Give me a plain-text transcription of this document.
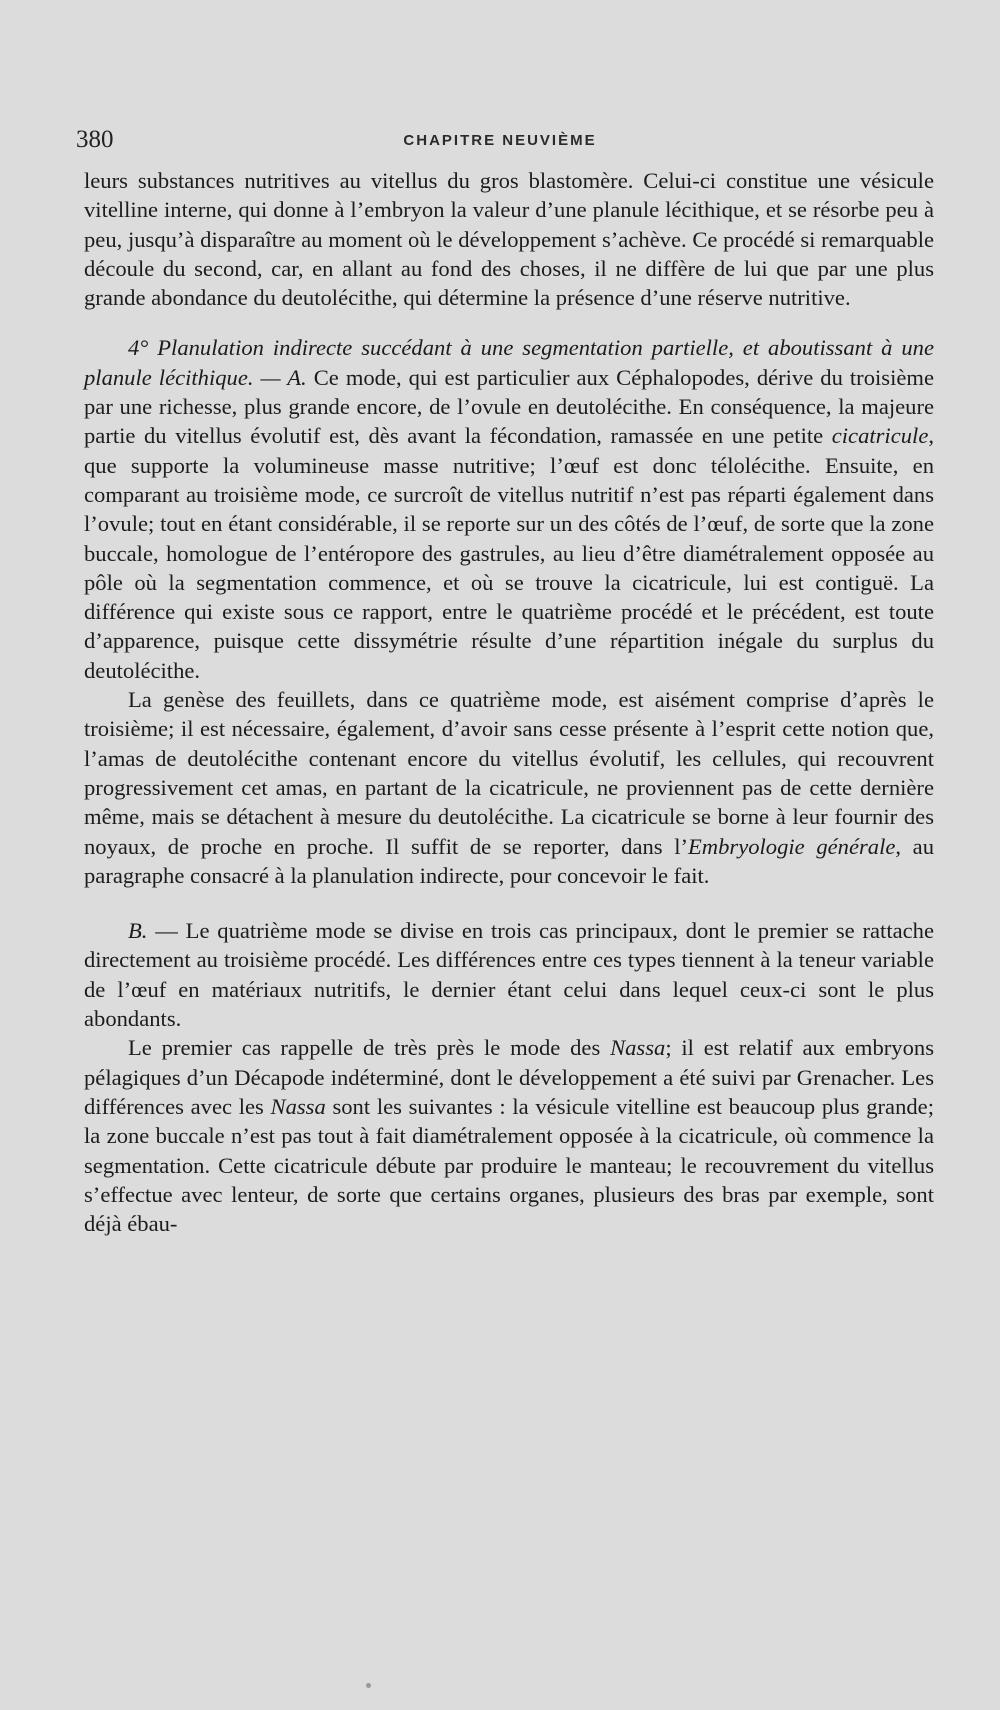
380	CHAPITRE NEUVIÈME

leurs substances nutritives au vitellus du gros blastomère. Celui-ci constitue une vésicule vitelline interne, qui donne à l’embryon la valeur d’une planule lécithique, et se résorbe peu à peu, jusqu’à disparaître au moment où le développement s’achève. Ce procédé si remarquable découle du second, car, en allant au fond des choses, il ne diffère de lui que par une plus grande abondance du deutolécithe, qui détermine la présence d’une réserve nutritive.

4° Planulation indirecte succédant à une segmentation partielle, et aboutissant à une planule lécithique. — A. Ce mode, qui est particulier aux Céphalopodes, dérive du troisième par une richesse, plus grande encore, de l’ovule en deutolécithe. En conséquence, la majeure partie du vitellus évolutif est, dès avant la fécondation, ramassée en une petite cicatricule, que supporte la volumineuse masse nutritive; l’œuf est donc télolécithe. Ensuite, en comparant au troisième mode, ce surcroît de vitellus nutritif n’est pas réparti également dans l’ovule; tout en étant considérable, il se reporte sur un des côtés de l’œuf, de sorte que la zone buccale, homologue de l’entéropore des gastrules, au lieu d’être diamétralement opposée au pôle où la segmentation commence, et où se trouve la cicatricule, lui est contiguë. La différence qui existe sous ce rapport, entre le quatrième procédé et le précédent, est toute d’apparence, puisque cette dissymétrie résulte d’une répartition inégale du surplus du deutolécithe.

La genèse des feuillets, dans ce quatrième mode, est aisément comprise d’après le troisième; il est nécessaire, également, d’avoir sans cesse présente à l’esprit cette notion que, l’amas de deutolécithe contenant encore du vitellus évolutif, les cellules, qui recouvrent progressivement cet amas, en partant de la cicatricule, ne proviennent pas de cette dernière même, mais se détachent à mesure du deutolécithe. La cicatricule se borne à leur fournir des noyaux, de proche en proche. Il suffit de se reporter, dans l’Embryologie générale, au paragraphe consacré à la planulation indirecte, pour concevoir le fait.

B. — Le quatrième mode se divise en trois cas principaux, dont le premier se rattache directement au troisième procédé. Les différences entre ces types tiennent à la teneur variable de l’œuf en matériaux nutritifs, le dernier étant celui dans lequel ceux-ci sont le plus abondants.

Le premier cas rappelle de très près le mode des Nassa; il est relatif aux embryons pélagiques d’un Décapode indéterminé, dont le développement a été suivi par Grenacher. Les différences avec les Nassa sont les suivantes : la vésicule vitelline est beaucoup plus grande; la zone buccale n’est pas tout à fait diamétralement opposée à la cicatricule, où commence la segmentation. Cette cicatricule débute par produire le manteau; le recouvrement du vitellus s’effectue avec lenteur, de sorte que certains organes, plusieurs des bras par exemple, sont déjà ébau-
